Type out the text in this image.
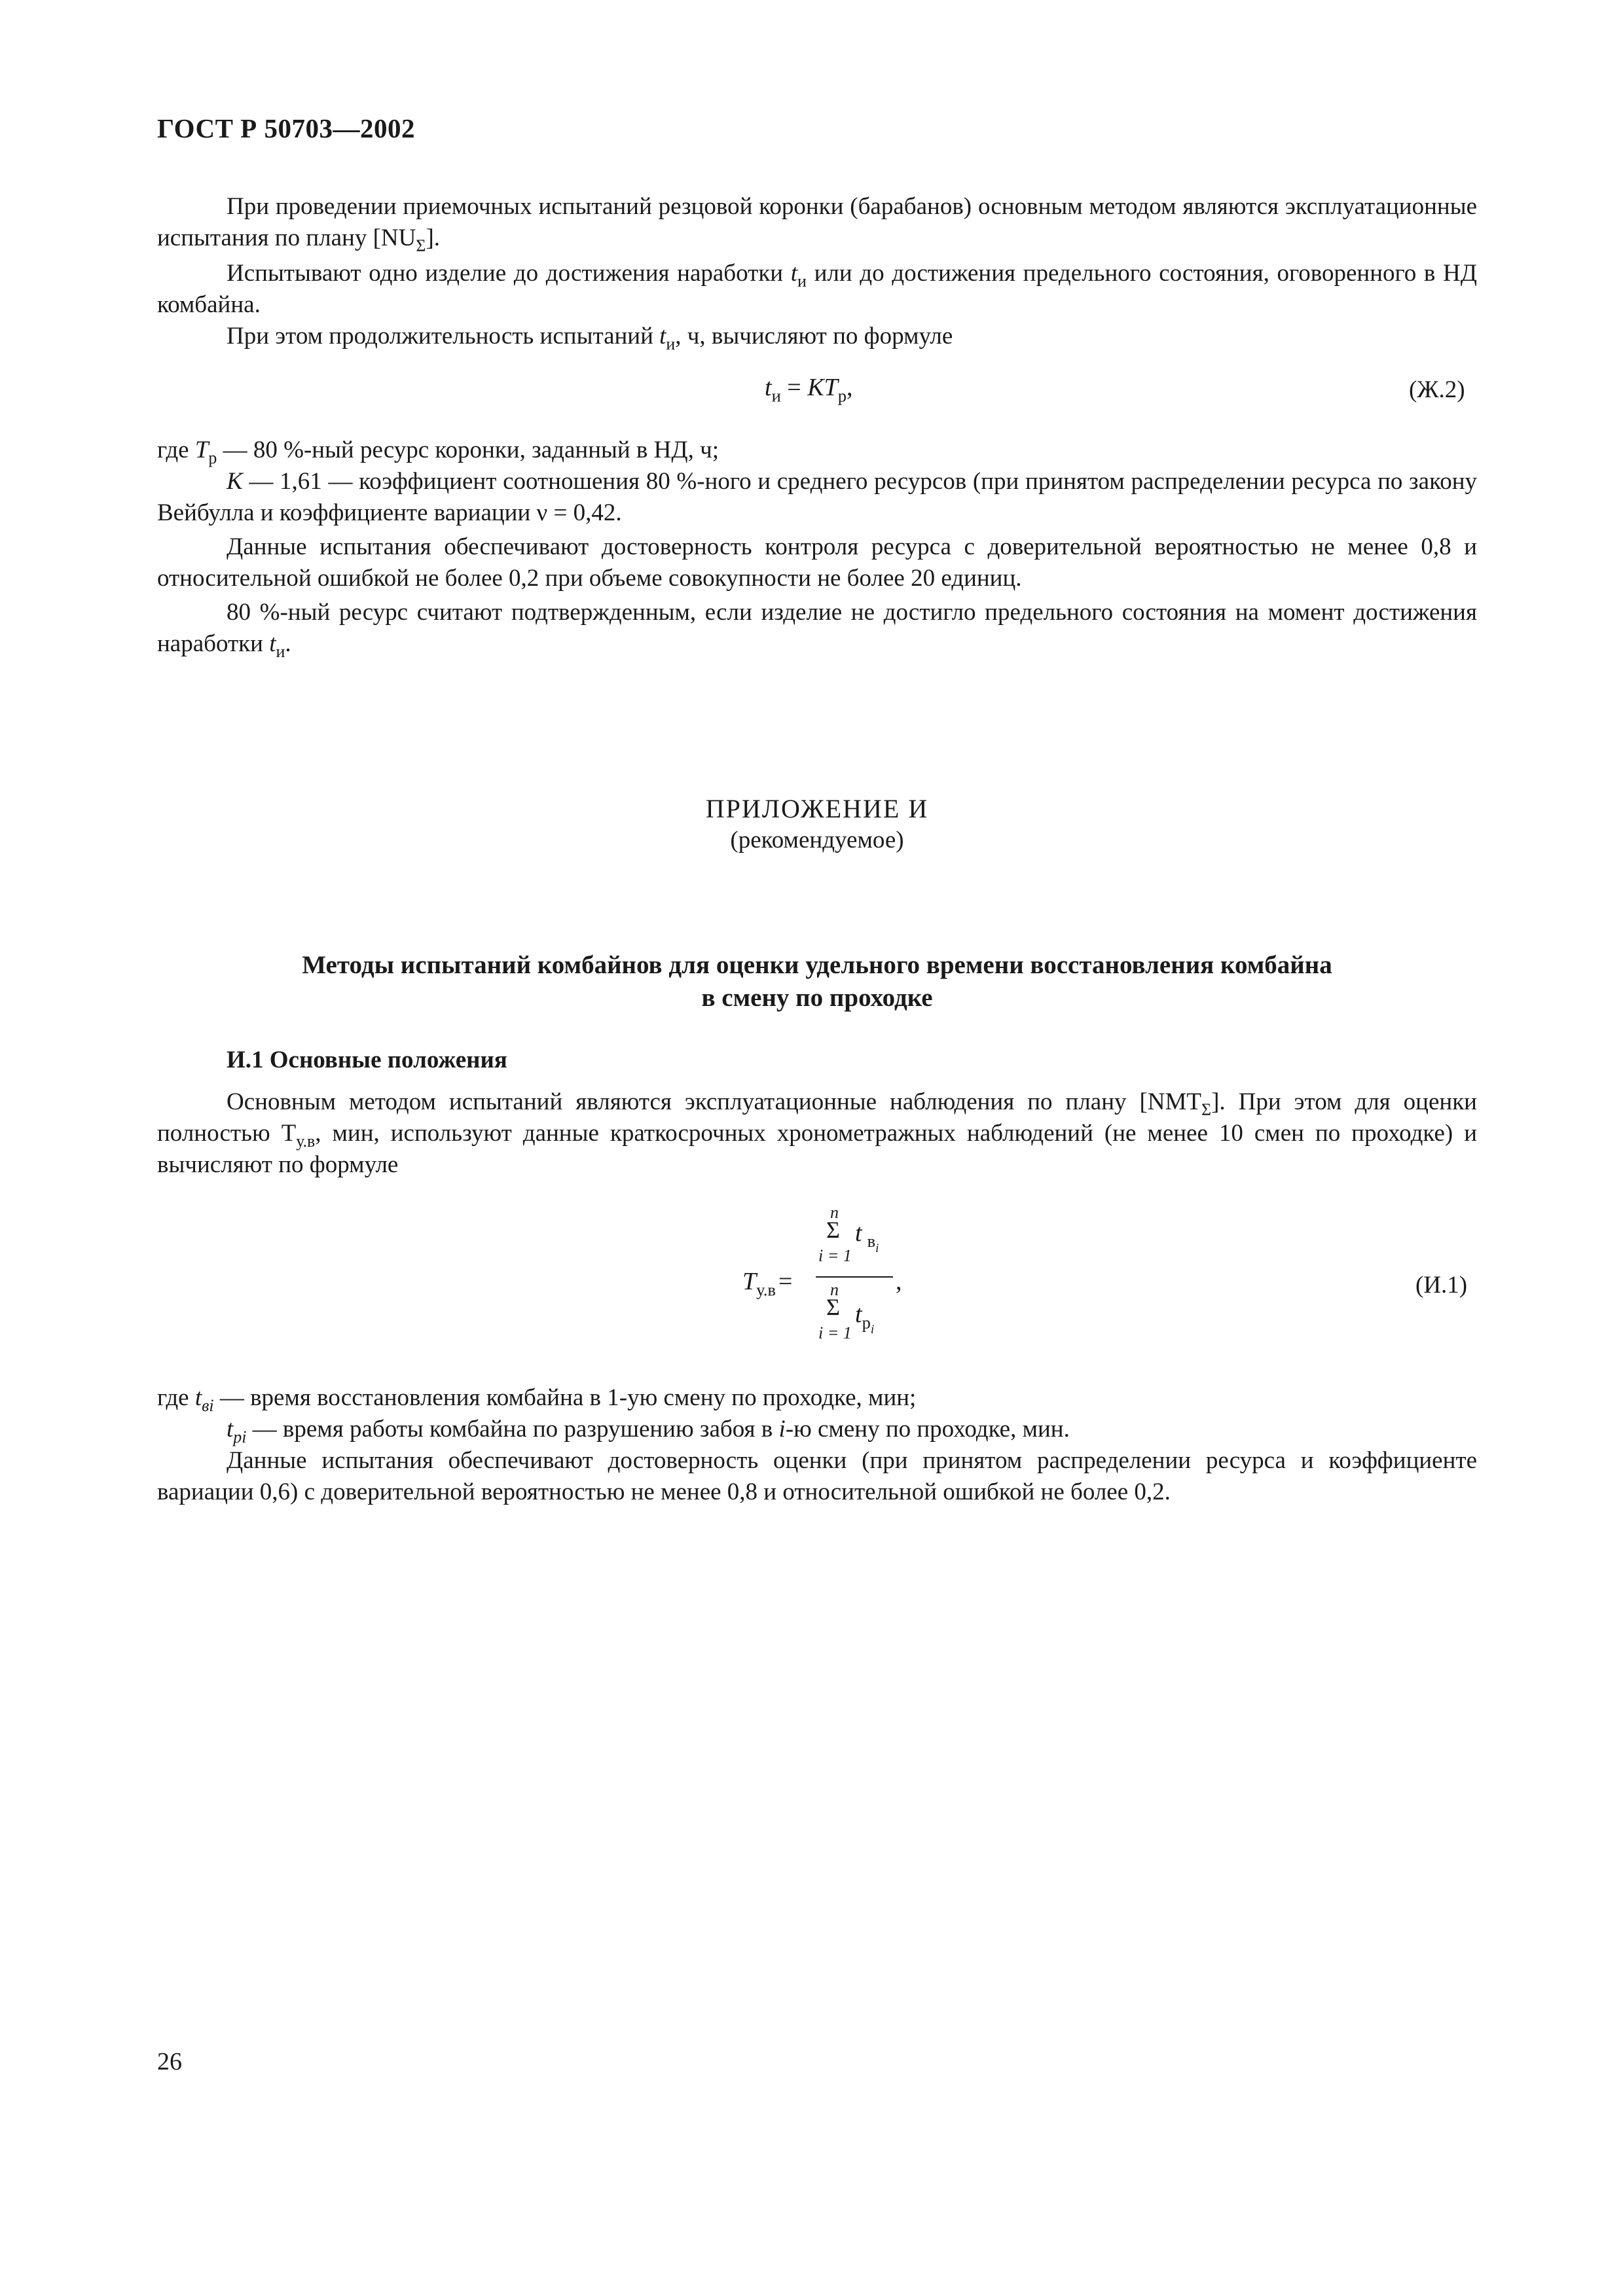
ГОСТ Р 50703—2002

При проведении приемочных испытаний резцовой коронки (барабанов) основным методом являются эксплуатационные испытания по плану $[NU_\Sigma]$.

Испытывают одно изделие до достижения наработки $t_и$ или до достижения предельного состояния, оговоренного в НД комбайна.

При этом продолжительность испытаний $t_и$, ч, вычисляют по формуле

$t_и = KT_р$,	(Ж.2)

где $T_р$ — 80 %-ный ресурс коронки, заданный в НД, ч;

K — 1,61 — коэффициент соотношения 80 %-ного и среднего ресурсов (при принятом распределении ресурса по закону Вейбулла и коэффициенте вариации ν = 0,42.

Данные испытания обеспечивают достоверность контроля ресурса с доверительной вероятностью не менее 0,8 и относительной ошибкой не более 0,2 при объеме совокупности не более 20 единиц.

80 %-ный ресурс считают подтвержденным, если изделие не достигло предельного состояния на момент достижения наработки $t_и$.

ПРИЛОЖЕНИЕ И
(рекомендуемое)
Методы испытаний комбайнов для оценки удельного времени восстановления комбайна
в смену по проходке
И.1 Основные положения

Основным методом испытаний являются эксплуатационные наблюдения по плану $[NMT_\Sigma]$. При этом для оценки полностью $Т_{у.в}$, мин, используют данные краткосрочных хронометражных наблюдений (не менее 10 смен по проходке) и вычисляют по формуле

$T_{у.в}$ =
n
Σ
i = 1
t $_{вi}$
,
n
Σ
i = 1
$t_{рi}$
(И.1)

где $t_{вi}$ — время восстановления комбайна в 1-ую смену по проходке, мин;

$t_{рi}$ — время работы комбайна по разрушению забоя в i-ю смену по проходке, мин.

Данные испытания обеспечивают достоверность оценки (при принятом распределении ресурса и коэффициенте вариации 0,6) с доверительной вероятностью не менее 0,8 и относительной ошибкой не более 0,2.

26
